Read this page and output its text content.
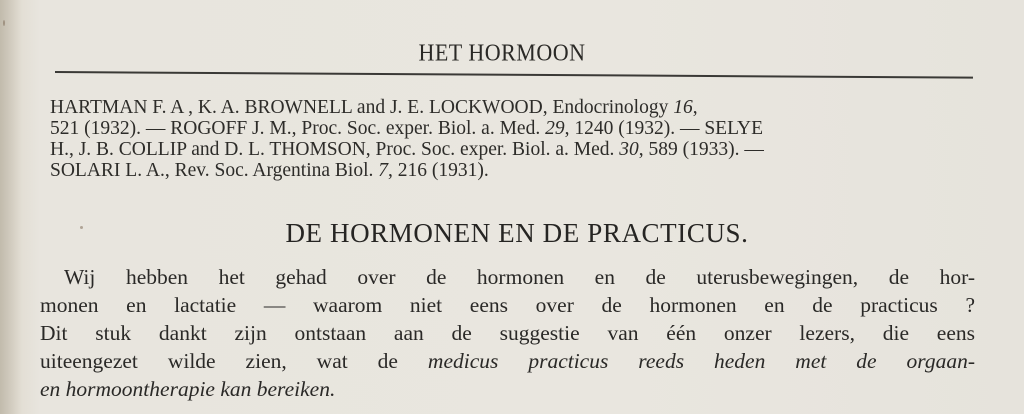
HET HORMOON
HARTMAN F. A , K. A. BROWNELL and J. E. LOCKWOOD, Endocrinology 16,
521 (1932). — ROGOFF J. M., Proc. Soc. exper. Biol. a. Med. 29, 1240 (1932). — SELYE
H., J. B. COLLIP and D. L. THOMSON, Proc. Soc. exper. Biol. a. Med. 30, 589 (1933). —
SOLARI L. A., Rev. Soc. Argentina Biol. 7, 216 (1931).
DE HORMONEN EN DE PRACTICUS.
Wij hebben het gehad over de hormonen en de uterusbewegingen, de hor-
monen en lactatie — waarom niet eens over de hormonen en de practicus ?
Dit stuk dankt zijn ontstaan aan de suggestie van één onzer lezers, die eens
uiteengezet wilde zien, wat de medicus practicus reeds heden met de orgaan-
en hormoontherapie kan bereiken.
